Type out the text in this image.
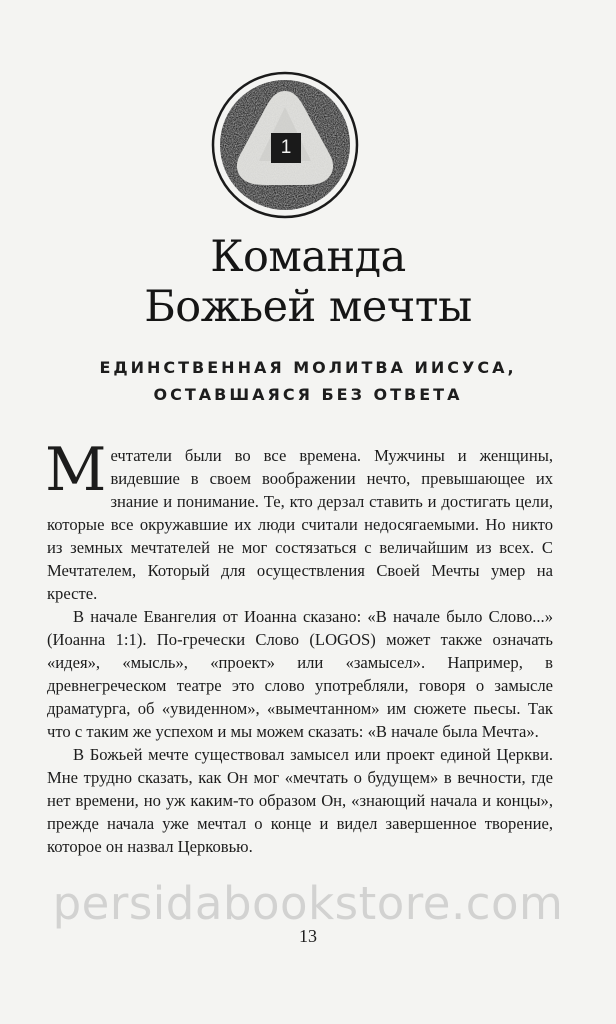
1
Команда
Божьей мечты
ЕДИНСТВЕННАЯ МОЛИТВА ИИСУСА,
ОСТАВШАЯСЯ БЕЗ ОТВЕТА

Мечтатели были во все времена. Мужчины и женщины, видевшие в своем воображении нечто, превышающее их знание и понимание. Те, кто дерзал ставить и достигать цели, которые все окружавшие их люди считали недосягаемыми. Но никто из земных мечтателей не мог состязаться с величайшим из всех. С Мечтателем, Который для осуществления Своей Мечты умер на кресте.

В начале Евангелия от Иоанна сказано: «В начале было Слово...» (Иоанна 1:1). По-гречески Слово (LOGOS) может также означать «идея», «мысль», «проект» или «замысел». Например, в древнегреческом театре это слово употребляли, говоря о замысле драматурга, об «увиденном», «вымечтанном» им сюжете пьесы. Так что с таким же успехом и мы можем сказать: «В начале была Мечта».

В Божьей мечте существовал замысел или проект единой Церкви. Мне трудно сказать, как Он мог «мечтать о будущем» в вечности, где нет времени, но уж каким-то образом Он, «знающий начала и концы», прежде начала уже мечтал о конце и видел завершенное творение, которое он назвал Церковью.

persidabookstore.com
13
